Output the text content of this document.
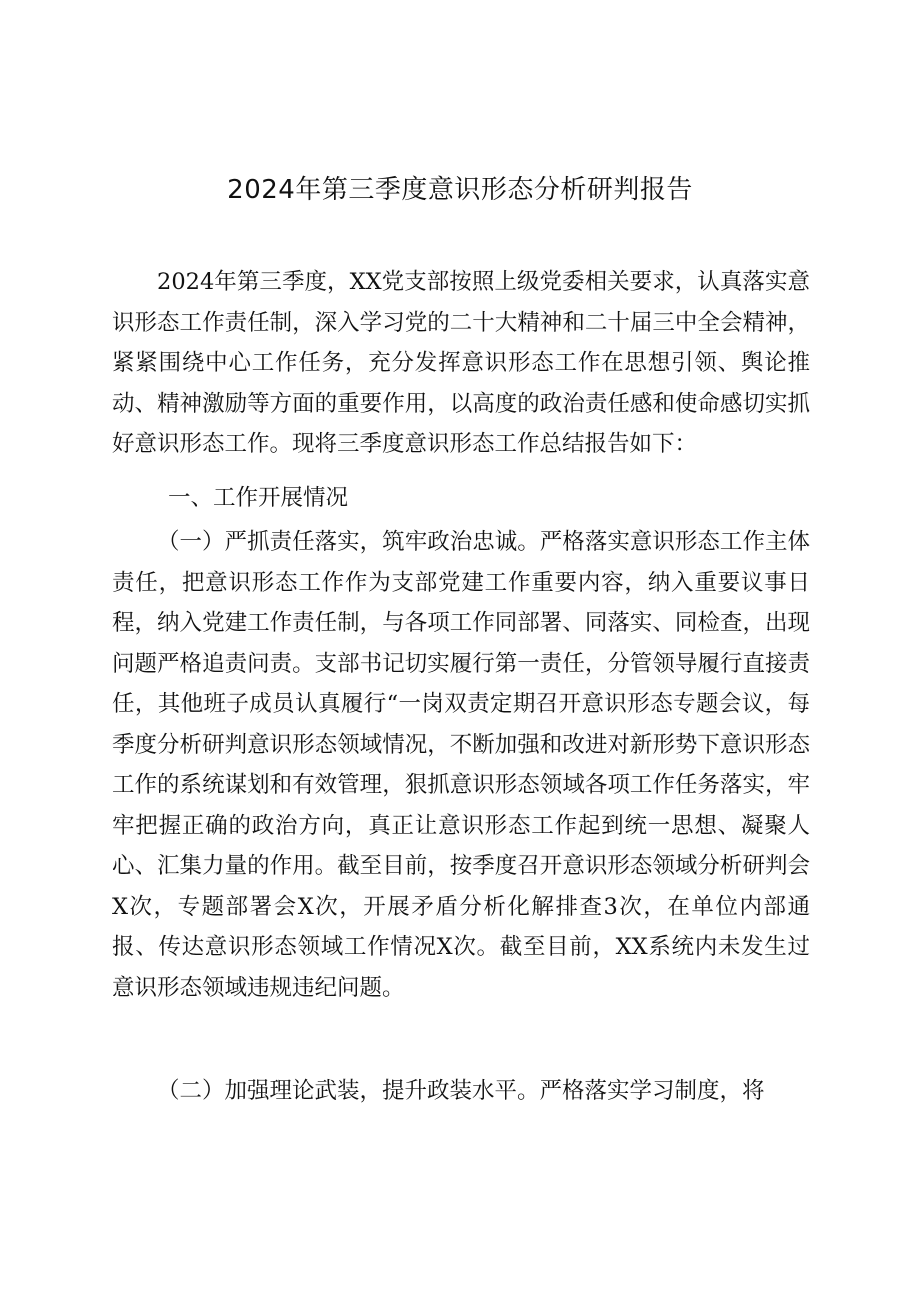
2024年第三季度意识形态分析研判报告

2024年第三季度，XX党支部按照上级党委相关要求，认真落实意识形态工作责任制，深入学习党的二十大精神和二十届三中全会精神，紧紧围绕中心工作任务，充分发挥意识形态工作在思想引领、舆论推动、精神激励等方面的重要作用，以高度的政治责任感和使命感切实抓好意识形态工作。现将三季度意识形态工作总结报告如下：

一、工作开展情况

（一）严抓责任落实，筑牢政治忠诚。严格落实意识形态工作主体责任，把意识形态工作作为支部党建工作重要内容，纳入重要议事日程，纳入党建工作责任制，与各项工作同部署、同落实、同检查，出现问题严格追责问责。支部书记切实履行第一责任，分管领导履行直接责任，其他班子成员认真履行“一岗双责定期召开意识形态专题会议，每季度分析研判意识形态领域情况，不断加强和改进对新形势下意识形态工作的系统谋划和有效管理，狠抓意识形态领域各项工作任务落实，牢牢把握正确的政治方向，真正让意识形态工作起到统一思想、凝聚人心、汇集力量的作用。截至目前，按季度召开意识形态领域分析研判会X次，专题部署会X次，开展矛盾分析化解排查3次，在单位内部通报、传达意识形态领域工作情况X次。截至目前，XX系统内未发生过意识形态领域违规违纪问题。

（二）加强理论武装，提升政装水平。严格落实学习制度，将
